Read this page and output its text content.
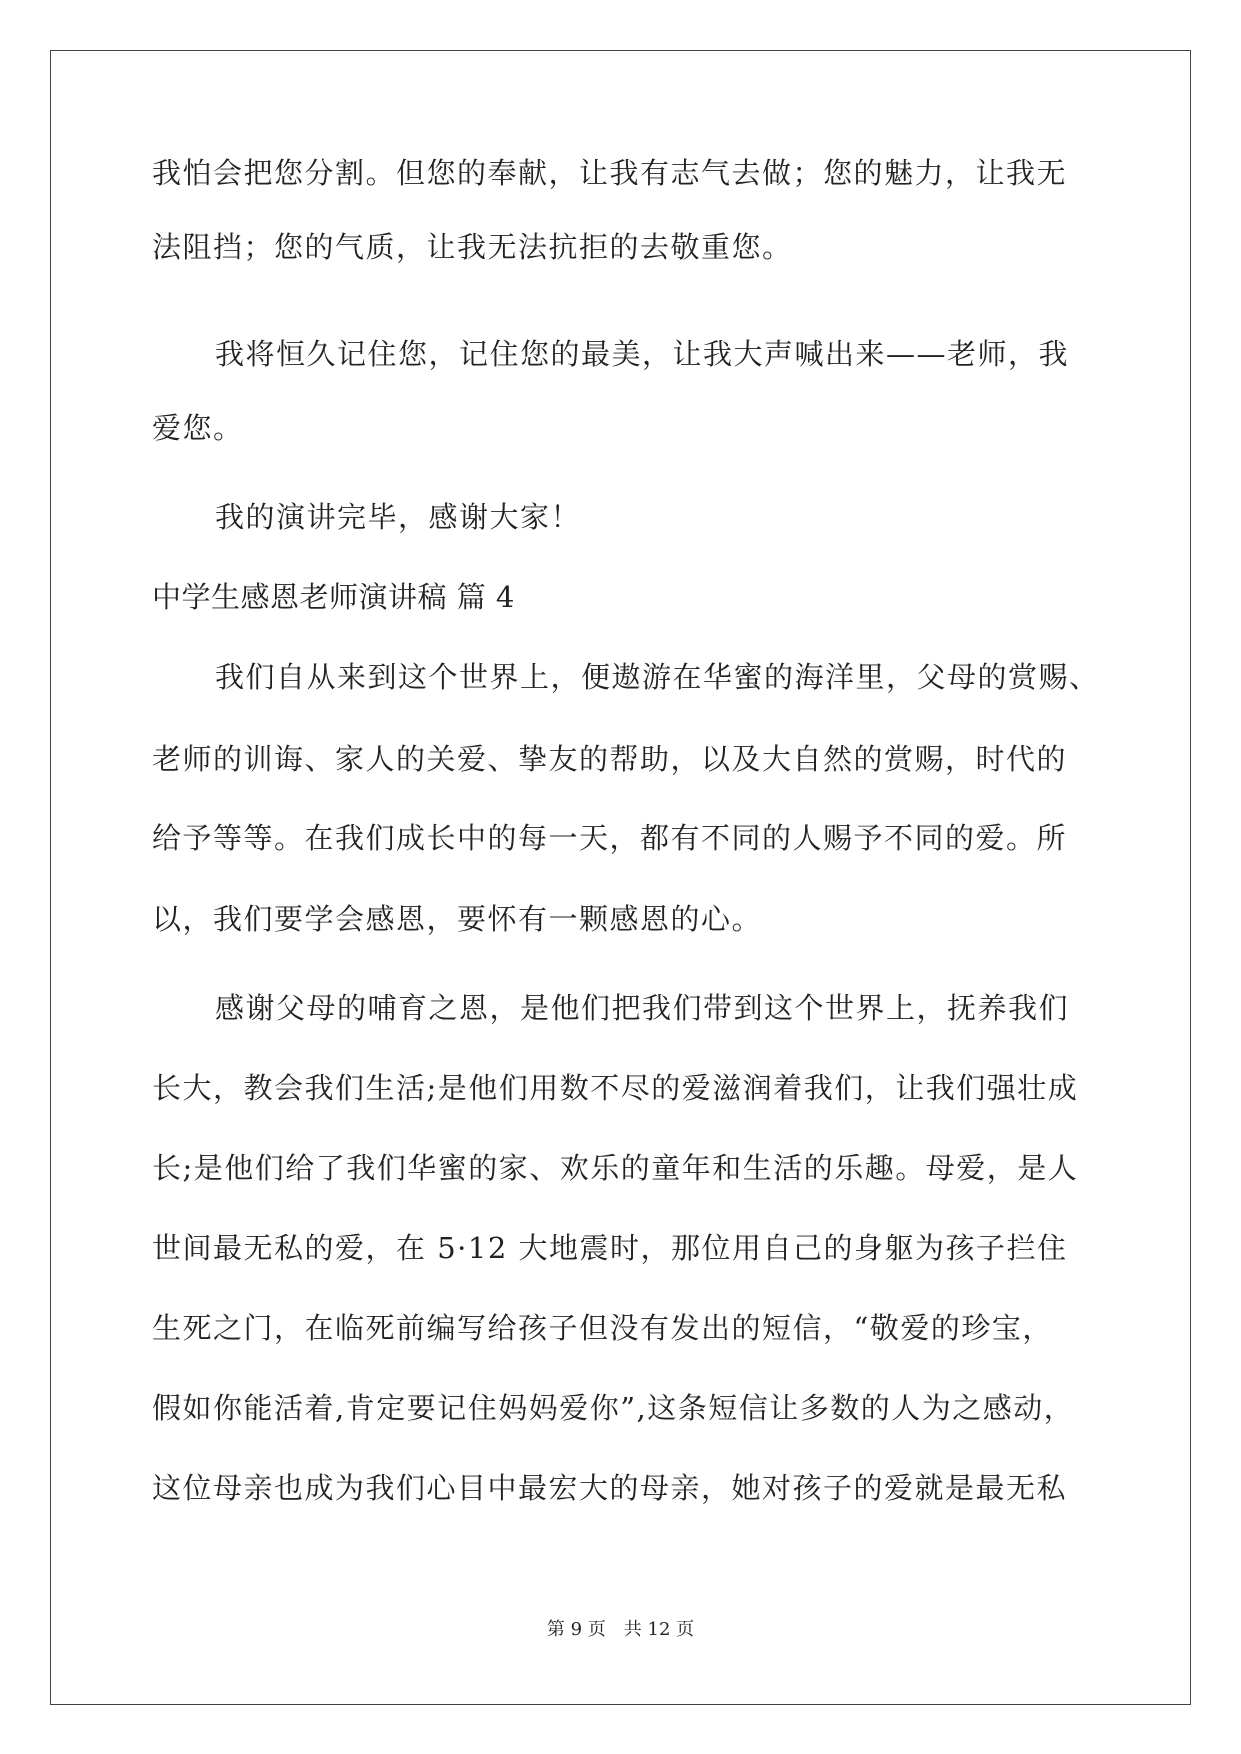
我怕会把您分割。但您的奉献，让我有志气去做；您的魅力，让我无
法阻挡；您的气质，让我无法抗拒的去敬重您。
我将恒久记住您，记住您的最美，让我大声喊出来——老师，我
爱您。
我的演讲完毕，感谢大家！
中学生感恩老师演讲稿 篇 4
我们自从来到这个世界上，便遨游在华蜜的海洋里，父母的赏赐、
老师的训诲、家人的关爱、挚友的帮助，以及大自然的赏赐，时代的
给予等等。在我们成长中的每一天，都有不同的人赐予不同的爱。所
以，我们要学会感恩，要怀有一颗感恩的心。
感谢父母的哺育之恩，是他们把我们带到这个世界上，抚养我们
长大，教会我们生活;是他们用数不尽的爱滋润着我们，让我们强壮成
长;是他们给了我们华蜜的家、欢乐的童年和生活的乐趣。母爱，是人
世间最无私的爱，在 5·12 大地震时，那位用自己的身躯为孩子拦住
生死之门，在临死前编写给孩子但没有发出的短信，“敬爱的珍宝，
假如你能活着,肯定要记住妈妈爱你”,这条短信让多数的人为之感动，
这位母亲也成为我们心目中最宏大的母亲，她对孩子的爱就是最无私
第 9 页　共 12 页
